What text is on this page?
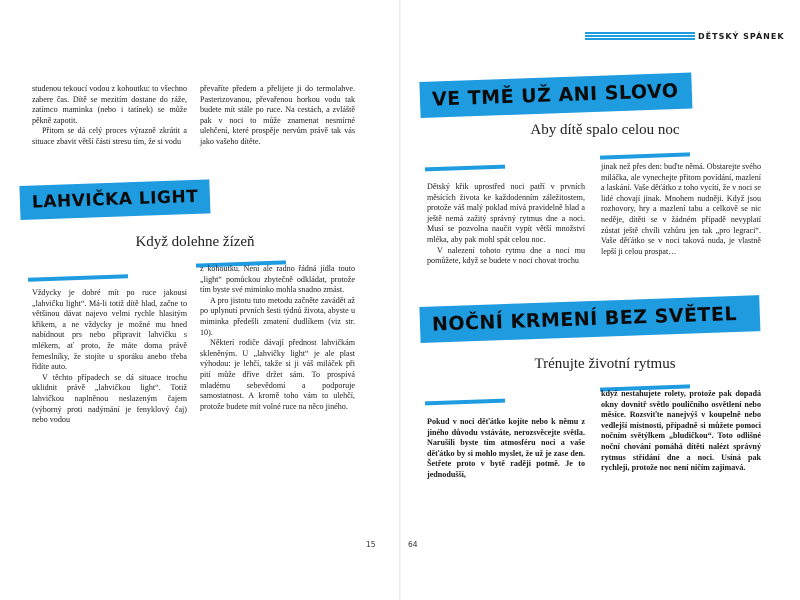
studenou tekoucí vodou z kohoutku: to všechno zabere čas. Dítě se mezitím dostane do ráže, zatímco maminka (nebo i tatínek) se může pěkně zapotit.

Přitom se dá celý proces výrazně zkrátit a situace zbavit větší části stresu tím, že si vodu

převaříte předem a přelijete ji do termolahve. Pasterizovanou, převařenou horkou vodu tak budete mít stále po ruce. Na cestách, a zvláště pak v noci to může znamenat nesmírné ulehčení, které prospěje nervům právě tak vás jako vašeho dítěte.

LAHVIČKA LIGHT
Když dolehne žízeň

Vždycky je dobré mít po ruce jakousi „lahvičku light“. Má-li totiž dítě hlad, začne to většinou dávat najevo velmi rychle hlasitým křikem, a ne vždycky je možné mu hned nabídnout prs nebo připravit lahvičku s mlékem, ať proto, že máte doma právě řemeslníky, že stojíte u sporáku anebo třeba řídíte auto.

V těchto případech se dá situace trochu uklidnit právě „lahvičkou light“. Totiž lahvičkou naplněnou neslazeným čajem (výborný proti nadýmání je fenyklový čaj) nebo vodou

z kohoutku. Není ale radno řádná jídla touto „light“ pomůckou zbytečně odkládat, protože tím byste své miminko mohla snadno zmást.

A pro jistotu tuto metodu začněte zavádět až po uplynutí prvních šesti týdnů života, abyste u miminka předešli zmatení dudlíkem (viz str. 10).

Některí rodiče dávají přednost lahvičkám skleněným. U „lahvičky light“ je ale plast výhodou: je lehčí, takže si ji váš miláček při pití může dříve držet sám. To prospívá mladému sebevědomí a podporuje samostatnost. A kromě toho vám to ulehčí, protože budete mít volné ruce na něco jiného.

15
DĚTSKÝ SPÁNEK
VE TMĚ UŽ ANI SLOVO
Aby dítě spalo celou noc

Dětský křik uprostřed noci patří v prvních měsících života ke každodenním záležitostem, protože váš malý poklad mívá pravidelně hlad a ještě nemá zažitý správný rytmus dne a noci. Musí se pozvolna naučit vypít větší množství mléka, aby pak mohl spát celou noc.

V nalezení tohoto rytmu dne a noci mu pomůžete, když se budete v noci chovat trochu

jinak než přes den: buďte němá. Obstarejte svého miláčka, ale vynechejte přitom povídání, mazlení a laskání. Vaše děťátko z toho vycítí, že v noci se lidé chovají jinak. Mnohem nudněji. Když jsou rozhovory, hry a mazlení tabu a celkově se nic neděje, dítěti se v žádném případě nevyplatí zůstat ještě chvíli vzhůru jen tak „pro legraci“. Vaše děťátko se v noci taková nuda, je vlastně lepší ji celou prospat…

NOČNÍ KRMENÍ BEZ SVĚTEL
Trénujte životní rytmus

Pokud v noci děťátko kojíte nebo k němu z jiného důvodu vstáváte, nerozsvěcejte světla. Narušili byste tím atmosféru noci a vaše děťátko by si mohlo myslet, že už je zase den. Šetřete proto v bytě raději potmě. Je to jednodušší,

když nestahujete rolety, protože pak dopadá okny dovnitř světlo pouličního osvětlení nebo měsíce. Rozsviťte nanejvýš v koupelně nebo vedlejší místnosti, případně si můžete pomoci nočním světýlkem „bludičkou“. Toto odlišné noční chování pomáhá dítěti nalézt správný rytmus střídání dne a noci. Usíná pak rychleji, protože noc není ničím zajímavá.

64
